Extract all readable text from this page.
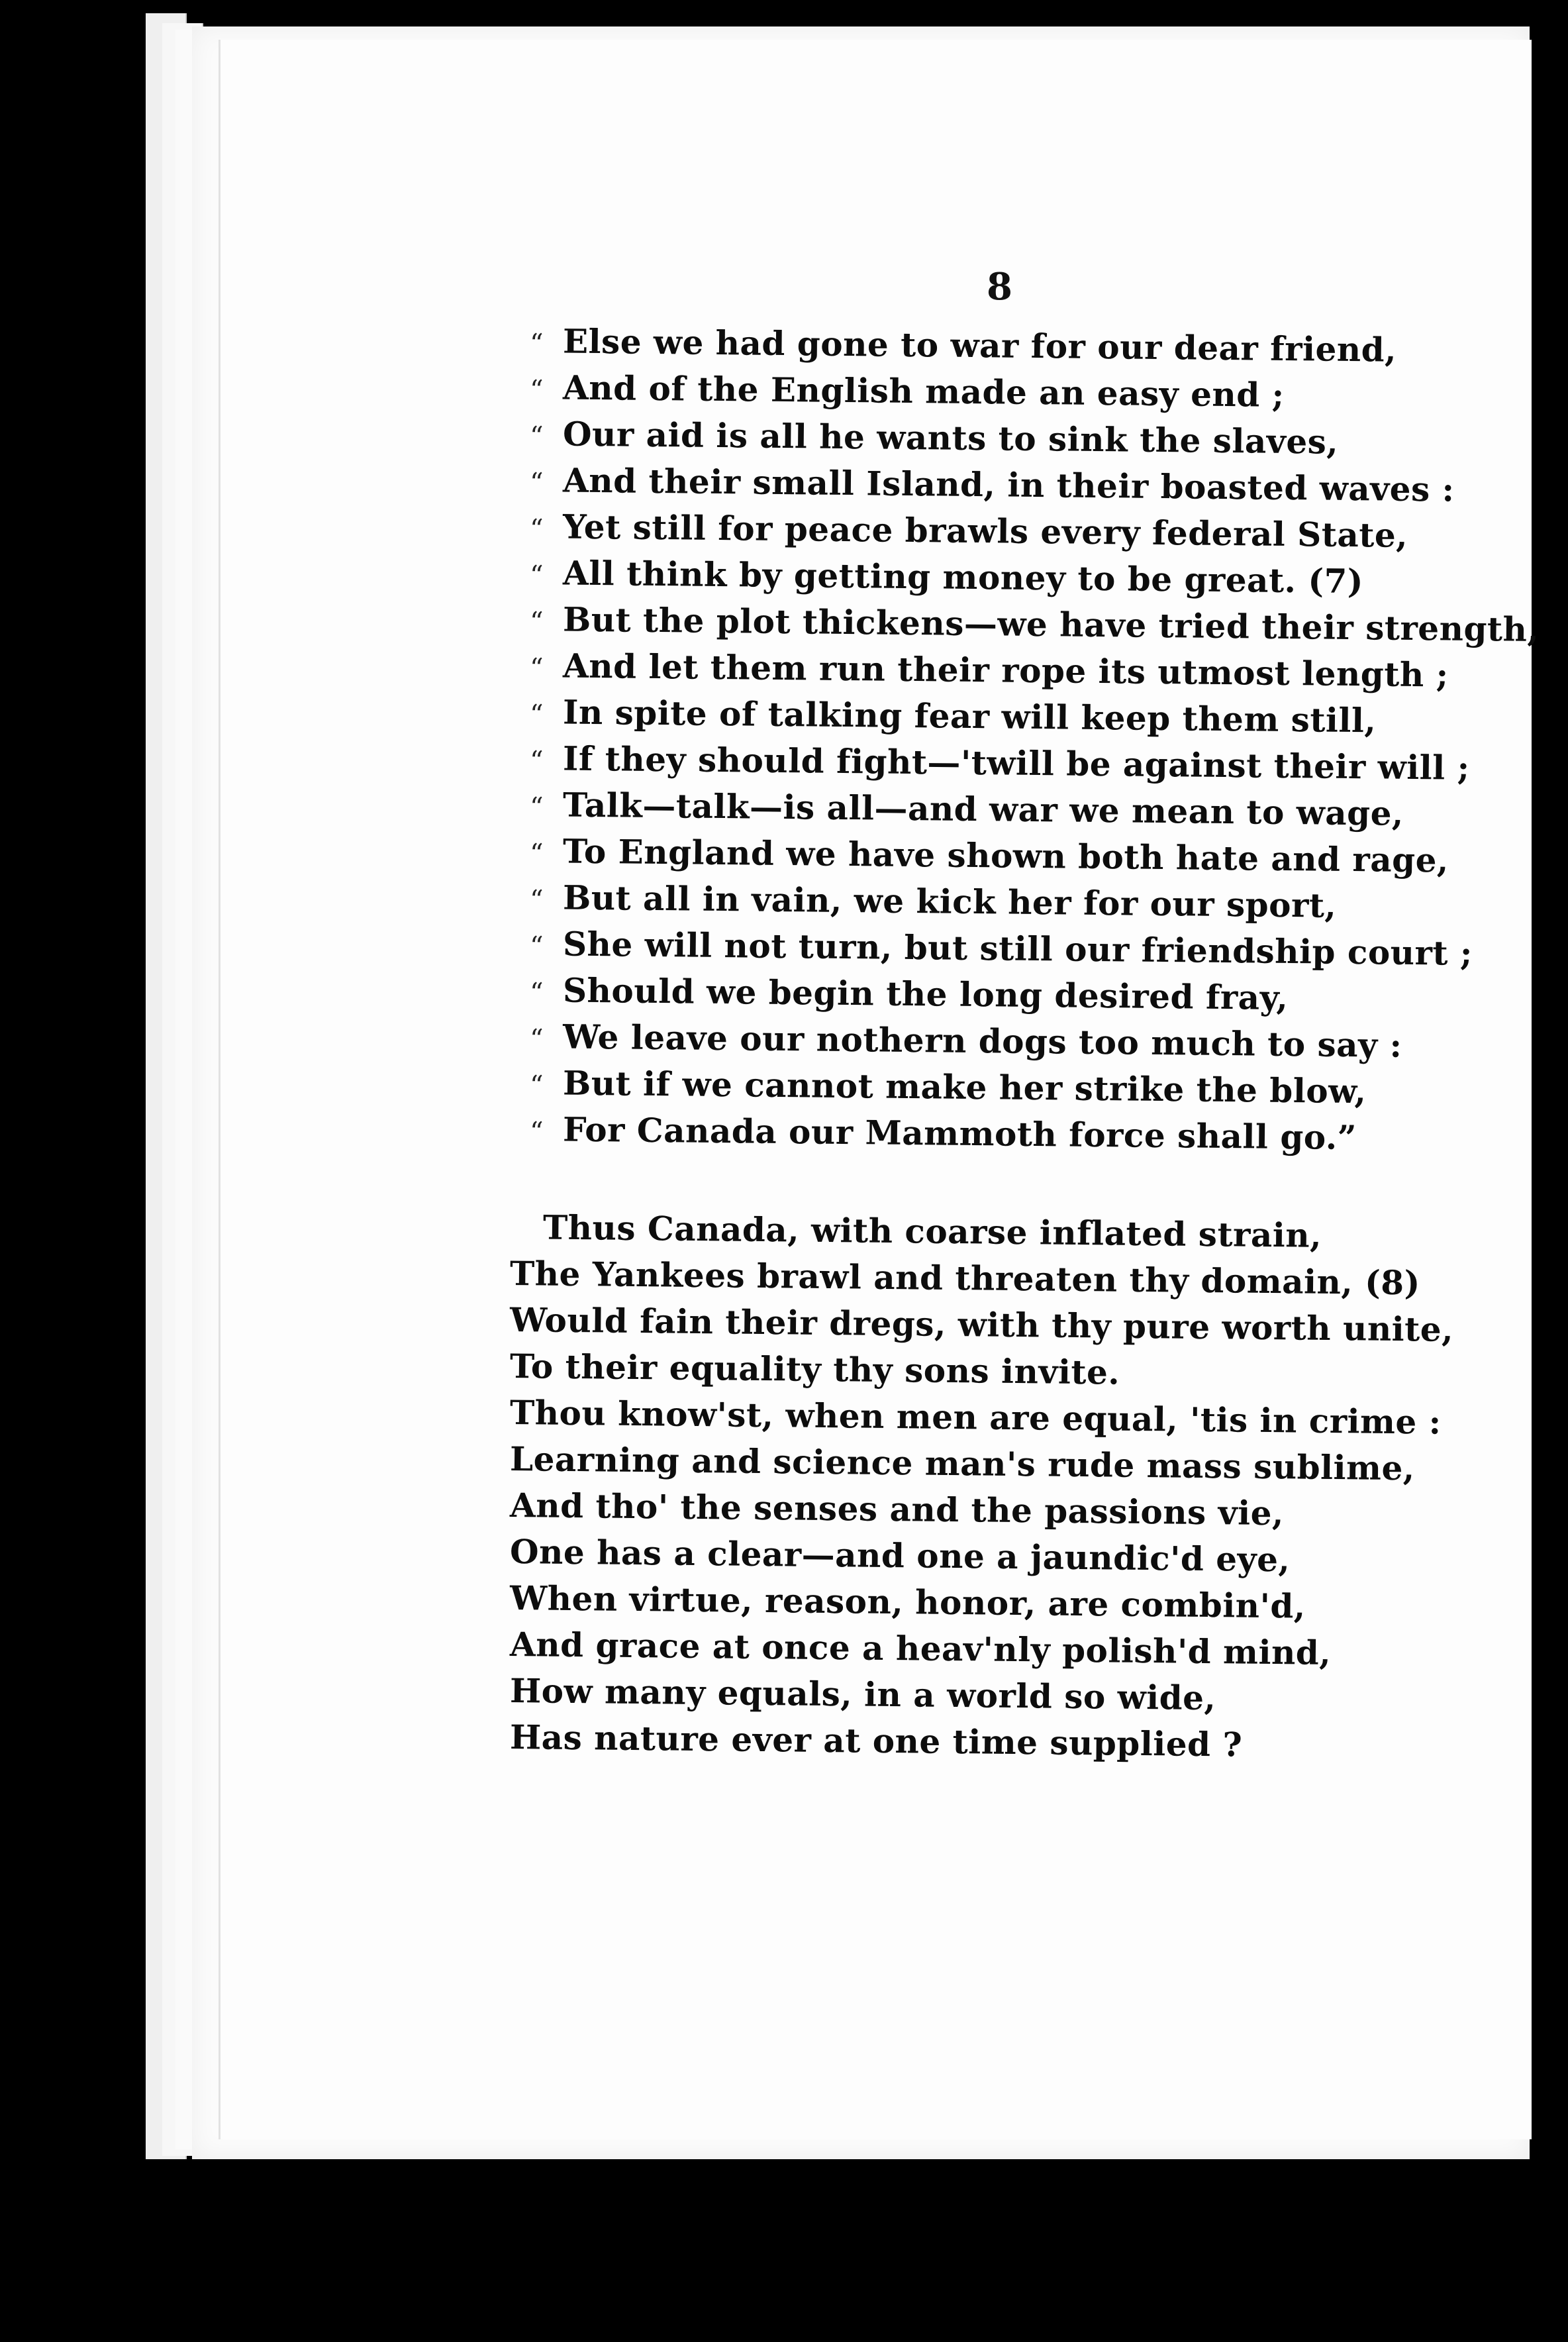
8
“ Else we had gone to war for our dear friend,
“ And of the English made an easy end ;
“ Our aid is all he wants to sink the slaves,
“ And their small Island, in their boasted waves :
“ Yet still for peace brawls every federal State,
“ All think by getting money to be great. (7)
“ But the plot thickens—we have tried their strength,
“ And let them run their rope its utmost length ;
“ In spite of talking fear will keep them still,
“ If they should fight—'twill be against their will ;
“ Talk—talk—is all—and war we mean to wage,
“ To England we have shown both hate and rage,
“ But all in vain, we kick her for our sport,
“ She will not turn, but still our friendship court ;
“ Should we begin the long desired fray,
“ We leave our nothern dogs too much to say :
“ But if we cannot make her strike the blow,
“ For Canada our Mammoth force shall go.”
Thus Canada, with coarse inflated strain,
The Yankees brawl and threaten thy domain, (8)
Would fain their dregs, with thy pure worth unite,
To their equality thy sons invite.
Thou know'st, when men are equal, 'tis in crime :
Learning and science man's rude mass sublime,
And tho' the senses and the passions vie,
One has a clear—and one a jaundic'd eye,
When virtue, reason, honor, are combin'd,
And grace at once a heav'nly polish'd mind,
How many equals, in a world so wide,
Has nature ever at one time supplied ?
